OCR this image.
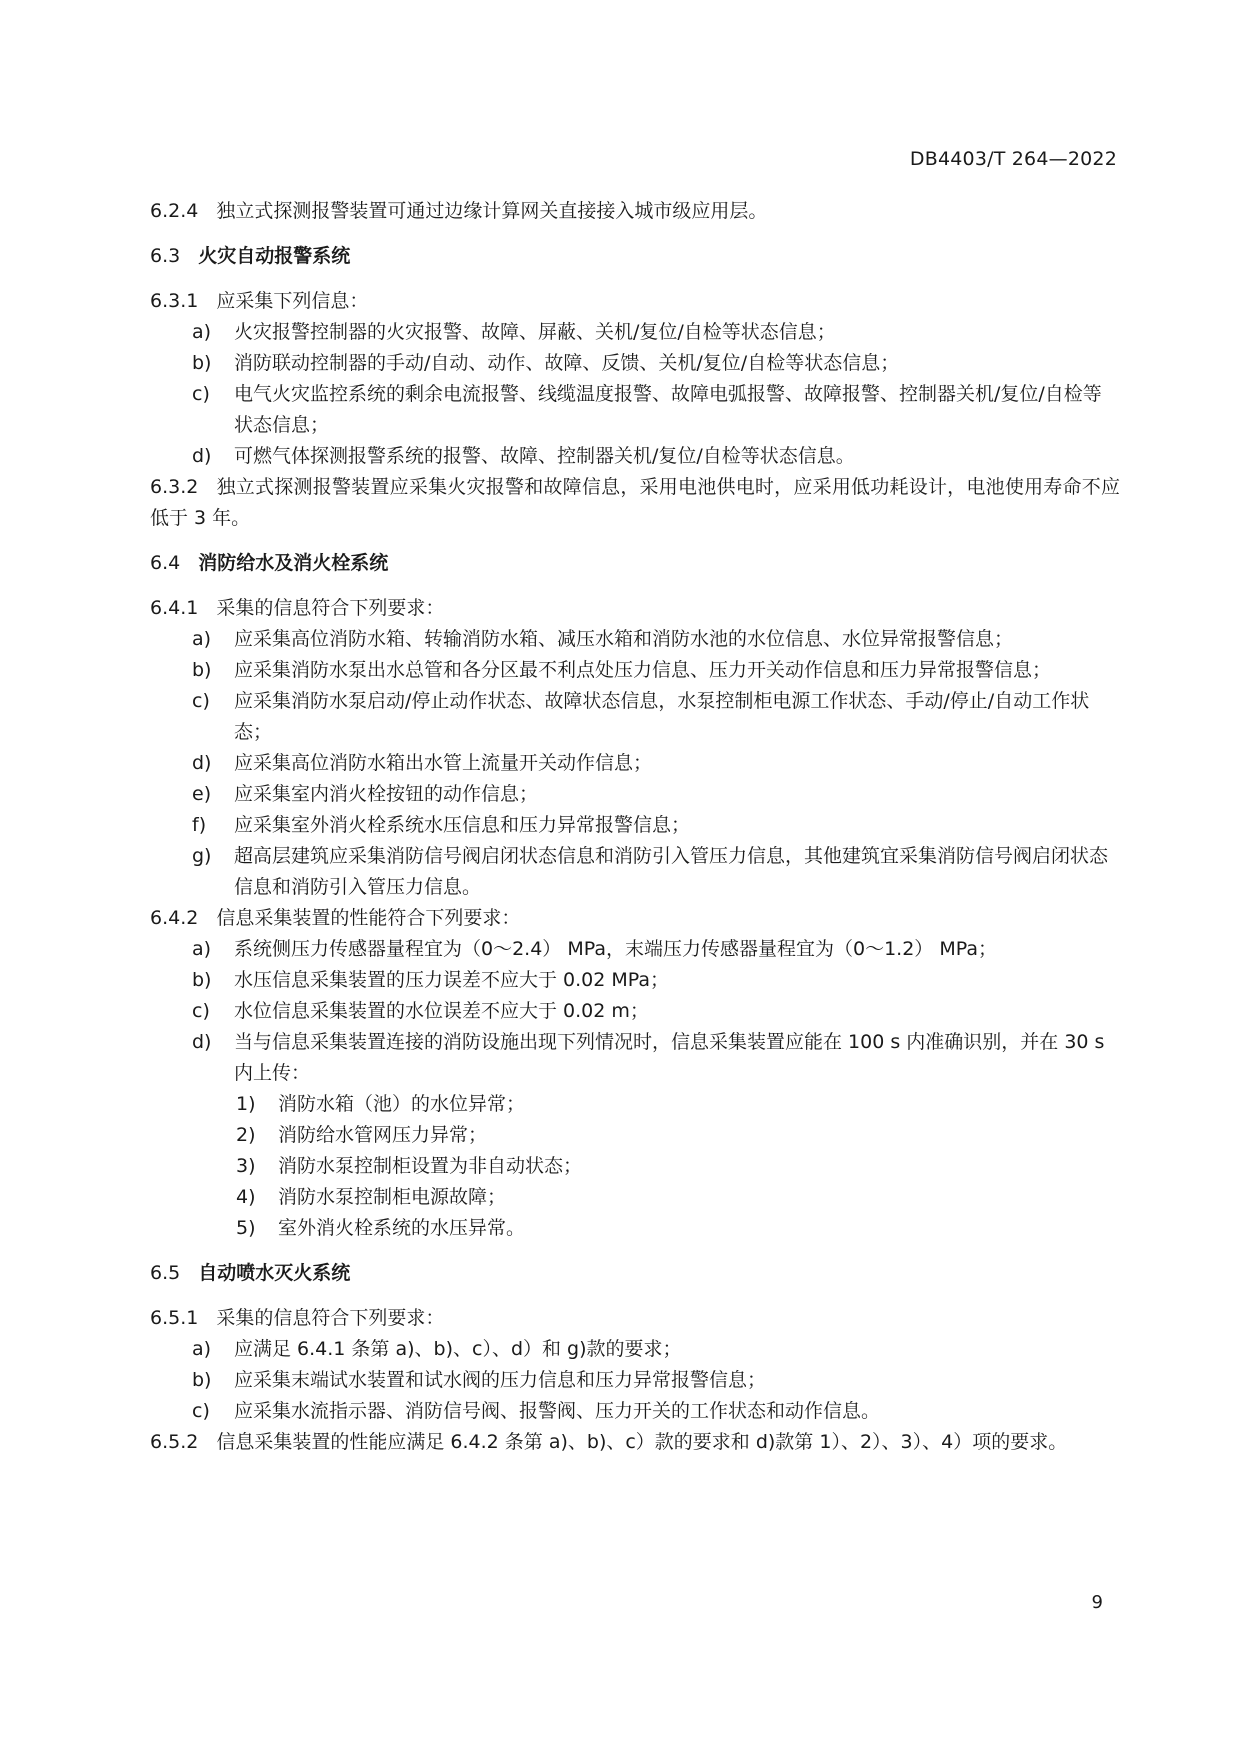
DB4403/T 264—2022
6.2.4 独立式探测报警装置可通过边缘计算网关直接接入城市级应用层。
6.3 火灾自动报警系统
6.3.1 应采集下列信息：
a) 火灾报警控制器的火灾报警、故障、屏蔽、关机/复位/自检等状态信息；
b) 消防联动控制器的手动/自动、动作、故障、反馈、关机/复位/自检等状态信息；
c) 电气火灾监控系统的剩余电流报警、线缆温度报警、故障电弧报警、故障报警、控制器关机/复位/自检等状态信息；
d) 可燃气体探测报警系统的报警、故障、控制器关机/复位/自检等状态信息。
6.3.2 独立式探测报警装置应采集火灾报警和故障信息，采用电池供电时，应采用低功耗设计，电池使用寿命不应低于 3 年。
6.4 消防给水及消火栓系统
6.4.1 采集的信息符合下列要求：
a) 应采集高位消防水箱、转输消防水箱、减压水箱和消防水池的水位信息、水位异常报警信息；
b) 应采集消防水泵出水总管和各分区最不利点处压力信息、压力开关动作信息和压力异常报警信息；
c) 应采集消防水泵启动/停止动作状态、故障状态信息，水泵控制柜电源工作状态、手动/停止/自动工作状态；
d) 应采集高位消防水箱出水管上流量开关动作信息；
e) 应采集室内消火栓按钮的动作信息；
f) 应采集室外消火栓系统水压信息和压力异常报警信息；
g) 超高层建筑应采集消防信号阀启闭状态信息和消防引入管压力信息，其他建筑宜采集消防信号阀启闭状态信息和消防引入管压力信息。
6.4.2 信息采集装置的性能符合下列要求：
a) 系统侧压力传感器量程宜为（0～2.4） MPa，末端压力传感器量程宜为（0～1.2） MPa；
b) 水压信息采集装置的压力误差不应大于 0.02 MPa；
c) 水位信息采集装置的水位误差不应大于 0.02 m；
d) 当与信息采集装置连接的消防设施出现下列情况时，信息采集装置应能在 100 s 内准确识别，并在 30 s 内上传：
1) 消防水箱（池）的水位异常；
2) 消防给水管网压力异常；
3) 消防水泵控制柜设置为非自动状态；
4) 消防水泵控制柜电源故障；
5) 室外消火栓系统的水压异常。
6.5 自动喷水灭火系统
6.5.1 采集的信息符合下列要求：
a) 应满足 6.4.1 条第 a)、b)、c）、d）和 g)款的要求；
b) 应采集末端试水装置和试水阀的压力信息和压力异常报警信息；
c) 应采集水流指示器、消防信号阀、报警阀、压力开关的工作状态和动作信息。
6.5.2 信息采集装置的性能应满足 6.4.2 条第 a)、b)、c）款的要求和 d)款第 1）、2）、3）、4）项的要求。
9
